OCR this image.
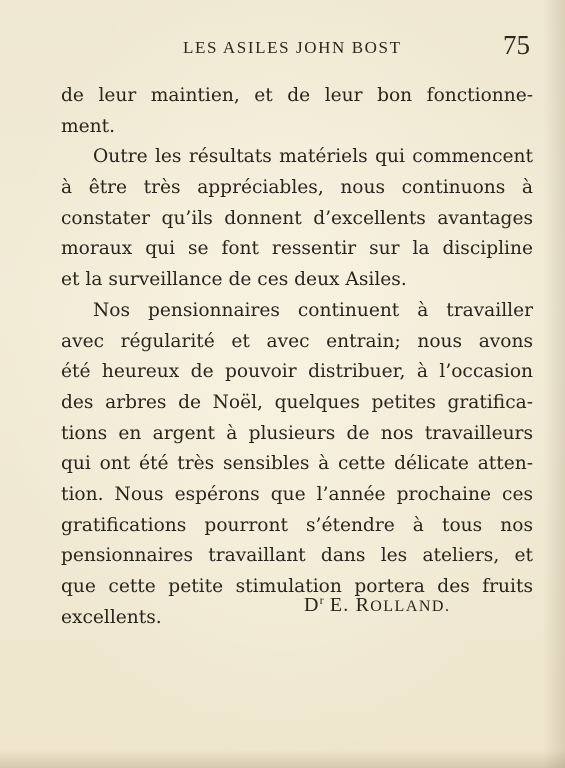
LES ASILES JOHN BOST	75
de leur maintien, et de leur bon fonctionne-
ment.
Outre les résultats matériels qui commencent
à être très appréciables, nous continuons à
constater qu’ils donnent d’excellents avantages
moraux qui se font ressentir sur la discipline
et la surveillance de ces deux Asiles.
Nos pensionnaires continuent à travailler
avec régularité et avec entrain; nous avons
été heureux de pouvoir distribuer, à l’occasion
des arbres de Noël, quelques petites gratifica-
tions en argent à plusieurs de nos travailleurs
qui ont été très sensibles à cette délicate atten-
tion. Nous espérons que l’année prochaine ces
gratifications pourront s’étendre à tous nos
pensionnaires travaillant dans les ateliers, et
que cette petite stimulation portera des fruits
excellents.
$D^r$ E. ROLLAND.
